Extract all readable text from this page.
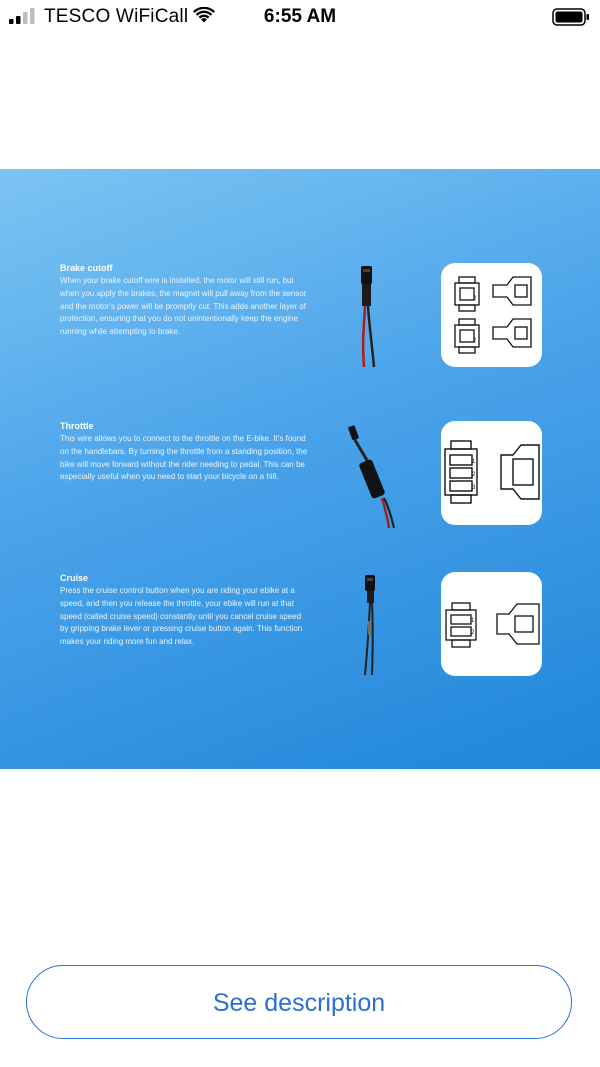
TESCO WiFiCall	6:55 AM
Brake cutoff

When your brake cutoff wire is installed, the motor will still run, but when you apply the brakes, the magnet will pull away from the sensor and the motor's power will be promptly cut. This adds another layer of protection, ensuring that you do not unintentionally keep the engine running while attempting to brake.

2
2
Throttle

This wire allows you to connect to the throttle on the E-bike. It's found on the handlebars. By turning the throttle from a standing position, the bike will move forward without the rider needing to pedal. This can be especially useful when you need to start your bicycle on a hill.

1
2
3
Cruise

Press the cruise control button when you are riding your ebike at a speed, and then you release the throttle, your ebike will run at that speed (called cruise speed) constantly until you cancel cruise speed by gripping brake lever or pressing cruise button again. This function makes your riding more fun and relax.

1
2
See description
